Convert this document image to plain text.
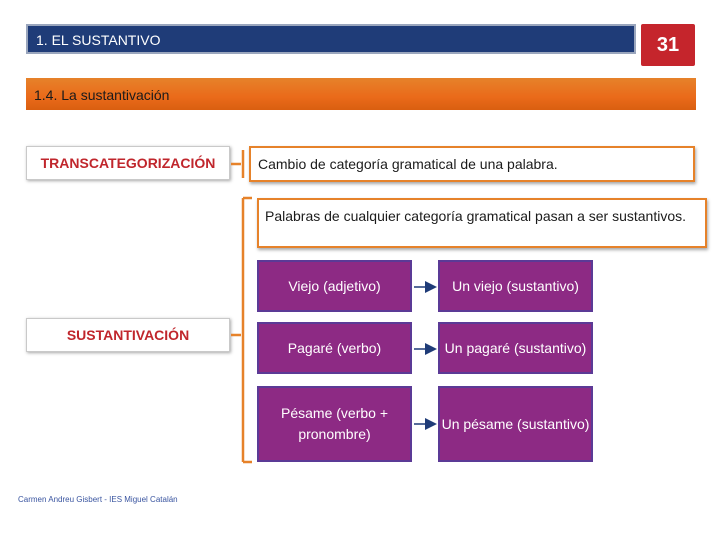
1. EL SUSTANTIVO	31
1.4. La sustantivación
TRANSCATEGORIZACIÓN	Cambio de categoría gramatical de una palabra.
SUSTANTIVACIÓN
Palabras de cualquier categoría gramatical pasan a ser sustantivos.
Viejo (adjetivo)	Un viejo (sustantivo)
Pagaré (verbo)	Un pagaré (sustantivo)
Pésame (verbo + pronombre)
Un pésame (sustantivo)
Carmen Andreu Gisbert - IES Miguel Catalán
